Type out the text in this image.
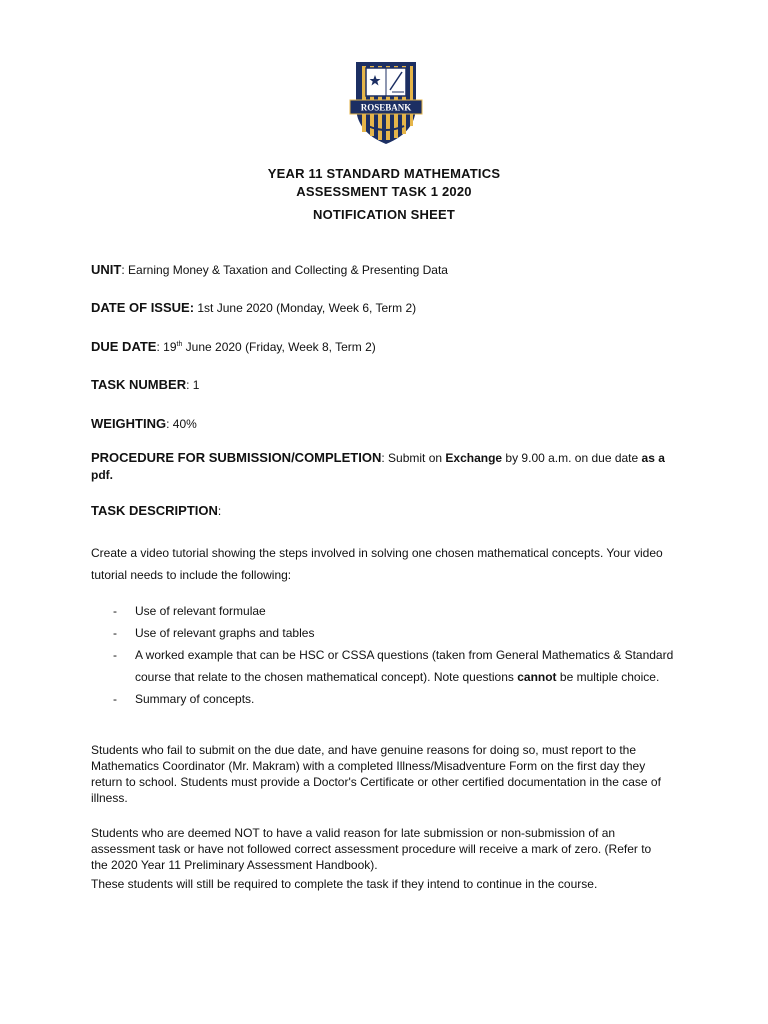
ROSEBANK
YEAR 11 STANDARD MATHEMATICS
ASSESSMENT TASK 1 2020
NOTIFICATION SHEET
UNIT: Earning Money & Taxation and Collecting & Presenting Data
DATE OF ISSUE: 1st June 2020 (Monday, Week 6, Term 2)
DUE DATE: 19th June 2020 (Friday, Week 8, Term 2)
TASK NUMBER: 1
WEIGHTING: 40%
PROCEDURE FOR SUBMISSION/COMPLETION: Submit on Exchange by 9.00 a.m. on due date as a pdf.
TASK DESCRIPTION:
Create a video tutorial showing the steps involved in solving one chosen mathematical concepts. Your video tutorial needs to include the following:
- Use of relevant formulae
- Use of relevant graphs and tables
- A worked example that can be HSC or CSSA questions (taken from General Mathematics & Standard course that relate to the chosen mathematical concept). Note questions cannot be multiple choice.
- Summary of concepts.
Students who fail to submit on the due date, and have genuine reasons for doing so, must report to the Mathematics Coordinator (Mr. Makram) with a completed Illness/Misadventure Form on the first day they return to school. Students must provide a Doctor's Certificate or other certified documentation in the case of illness.
Students who are deemed NOT to have a valid reason for late submission or non-submission of an assessment task or have not followed correct assessment procedure will receive a mark of zero. (Refer to the 2020 Year 11 Preliminary Assessment Handbook).
These students will still be required to complete the task if they intend to continue in the course.
